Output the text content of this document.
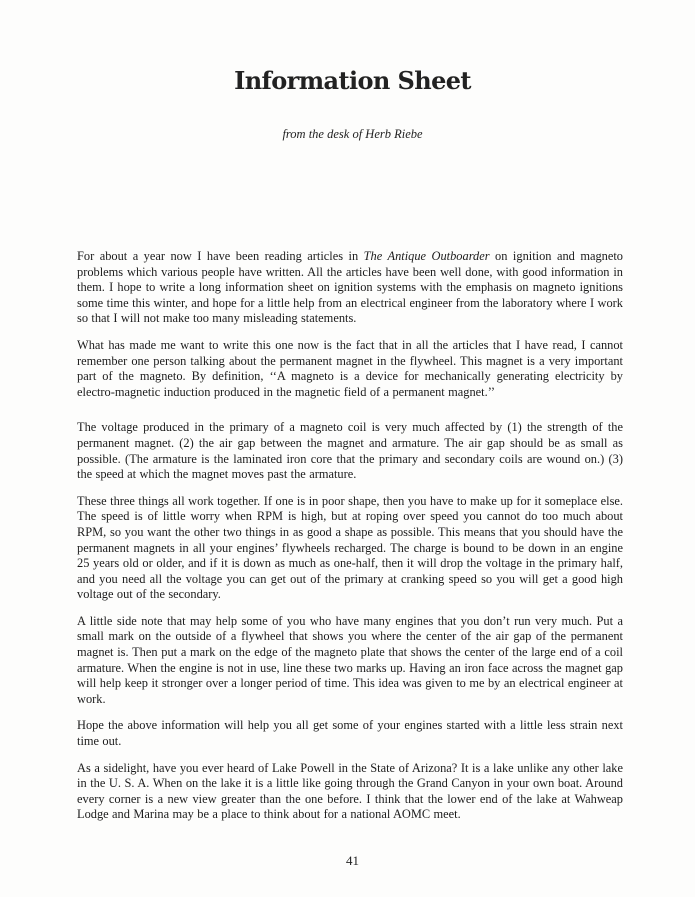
Information Sheet
from the desk of Herb Riebe

For about a year now I have been reading articles in The Antique Outboarder on ignition and magneto problems which various people have written. All the articles have been well done, with good information in them. I hope to write a long information sheet on ignition systems with the emphasis on magneto ignitions some time this winter, and hope for a little help from an electrical engineer from the laboratory where I work so that I will not make too many misleading statements.

What has made me want to write this one now is the fact that in all the articles that I have read, I cannot remember one person talking about the permanent magnet in the flywheel. This magnet is a very important part of the magneto. By definition, ‘‘A magneto is a device for mechanically generating electricity by electro-magnetic induction produced in the magnetic field of a permanent magnet.’’

The voltage produced in the primary of a magneto coil is very much affected by (1) the strength of the permanent magnet. (2) the air gap between the magnet and armature. The air gap should be as small as possible. (The armature is the laminated iron core that the primary and secondary coils are wound on.) (3) the speed at which the magnet moves past the armature.

These three things all work together. If one is in poor shape, then you have to make up for it someplace else. The speed is of little worry when RPM is high, but at roping over speed you cannot do too much about RPM, so you want the other two things in as good a shape as possible. This means that you should have the permanent magnets in all your engines’ flywheels recharged. The charge is bound to be down in an engine 25 years old or older, and if it is down as much as one-half, then it will drop the voltage in the primary half, and you need all the voltage you can get out of the primary at cranking speed so you will get a good high voltage out of the secondary.

A little side note that may help some of you who have many engines that you don’t run very much. Put a small mark on the outside of a flywheel that shows you where the center of the air gap of the permanent magnet is. Then put a mark on the edge of the magneto plate that shows the center of the large end of a coil armature. When the engine is not in use, line these two marks up. Having an iron face across the magnet gap will help keep it stronger over a longer period of time. This idea was given to me by an electrical engineer at work.

Hope the above information will help you all get some of your engines started with a little less strain next time out.

As a sidelight, have you ever heard of Lake Powell in the State of Arizona? It is a lake unlike any other lake in the U. S. A. When on the lake it is a little like going through the Grand Canyon in your own boat. Around every corner is a new view greater than the one before. I think that the lower end of the lake at Wahweap Lodge and Marina may be a place to think about for a national AOMC meet.

41
